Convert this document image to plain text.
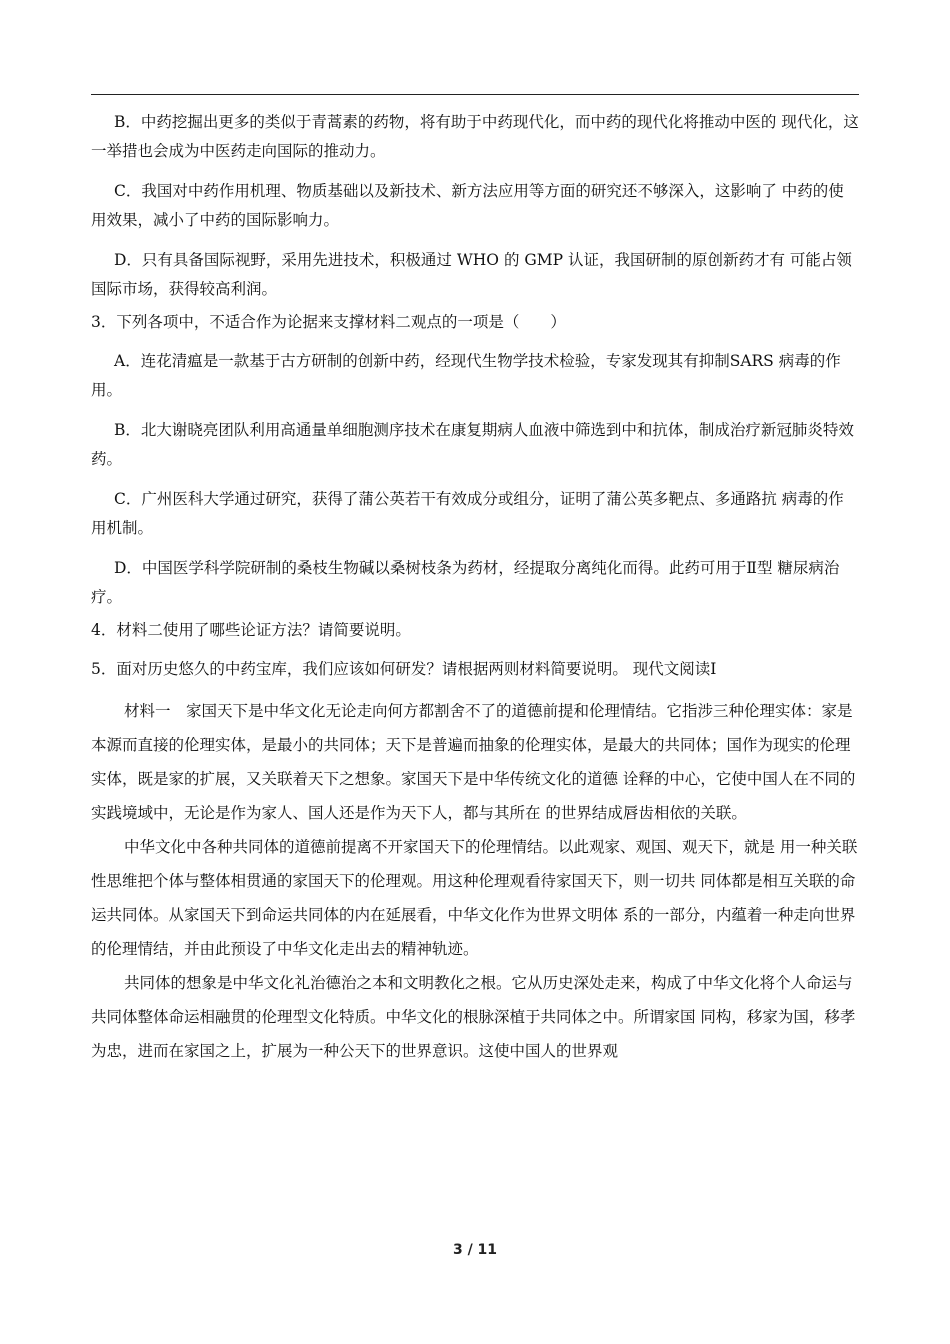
B．中药挖掘出更多的类似于青蒿素的药物，将有助于中药现代化，而中药的现代化将推动中医的 现代化，这一举措也会成为中医药走向国际的推动力。

C．我国对中药作用机理、物质基础以及新技术、新方法应用等方面的研究还不够深入，这影响了 中药的使用效果，减小了中药的国际影响力。

D．只有具备国际视野，采用先进技术，积极通过 WHO 的 GMP 认证，我国研制的原创新药才有 可能占领国际市场，获得较高利润。

3．下列各项中，不适合作为论据来支撑材料二观点的一项是（　　）

A．连花清瘟是一款基于古方研制的创新中药，经现代生物学技术检验，专家发现其有抑制SARS 病毒的作用。

B．北大谢晓亮团队利用高通量单细胞测序技术在康复期病人血液中筛选到中和抗体，制成治疗新冠肺炎特效药。

C．广州医科大学通过研究，获得了蒲公英若干有效成分或组分，证明了蒲公英多靶点、多通路抗 病毒的作用机制。

D．中国医学科学院研制的桑枝生物碱以桑树枝条为药材，经提取分离纯化而得。此药可用于Ⅱ型 糖尿病治疗。

4．材料二使用了哪些论证方法？请简要说明。

5．面对历史悠久的中药宝库，我们应该如何研发？请根据两则材料简要说明。 现代文阅读Ⅰ

材料一　家国天下是中华文化无论走向何方都割舍不了的道德前提和伦理情结。它指涉三种伦理实体：家是本源而直接的伦理实体，是最小的共同体；天下是普遍而抽象的伦理实体，是最大的共同体；国作为现实的伦理实体，既是家的扩展，又关联着天下之想象。家国天下是中华传统文化的道德 诠释的中心，它使中国人在不同的实践境域中，无论是作为家人、国人还是作为天下人，都与其所在 的世界结成唇齿相依的关联。

中华文化中各种共同体的道德前提离不开家国天下的伦理情结。以此观家、观国、观天下，就是 用一种关联性思维把个体与整体相贯通的家国天下的伦理观。用这种伦理观看待家国天下，则一切共 同体都是相互关联的命运共同体。从家国天下到命运共同体的内在延展看，中华文化作为世界文明体 系的一部分，内蕴着一种走向世界的伦理情结，并由此预设了中华文化走出去的精神轨迹。

共同体的想象是中华文化礼治德治之本和文明教化之根。它从历史深处走来，构成了中华文化将个人命运与共同体整体命运相融贯的伦理型文化特质。中华文化的根脉深植于共同体之中。所谓家国 同构，移家为国，移孝为忠，进而在家国之上，扩展为一种公天下的世界意识。这使中国人的世界观

3 / 11
